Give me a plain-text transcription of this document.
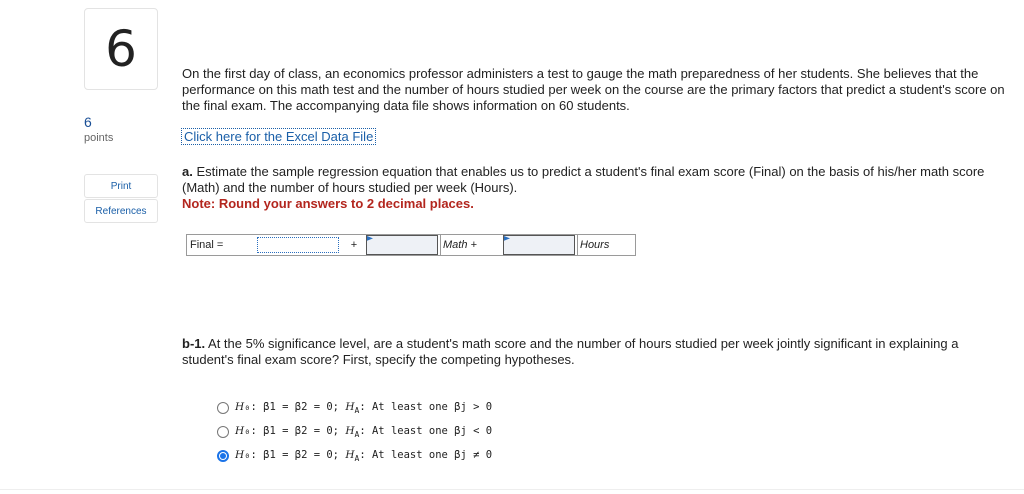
6
6
points
Print
References
On the first day of class, an economics professor administers a test to gauge the math preparedness of her students. She believes that the performance on this math test and the number of hours studied per week on the course are the primary factors that predict a student's score on the final exam. The accompanying data file shows information on 60 students.
Click here for the Excel Data File
a. Estimate the sample regression equation that enables us to predict a student's final exam score (Final) on the basis of his/her math score (Math) and the number of hours studied per week (Hours).
Note: Round your answers to 2 decimal places.
Final =	+	Math +	Hours
b-1. At the 5% significance level, are a student's math score and the number of hours studied per week jointly significant in explaining a student's final exam score? First, specify the competing hypotheses.
H₀: β1 = β2 = 0; $H_A$: At least one βj > 0
H₀: β1 = β2 = 0; $H_A$: At least one βj < 0
H₀: β1 = β2 = 0; $H_A$: At least one βj ≠ 0
